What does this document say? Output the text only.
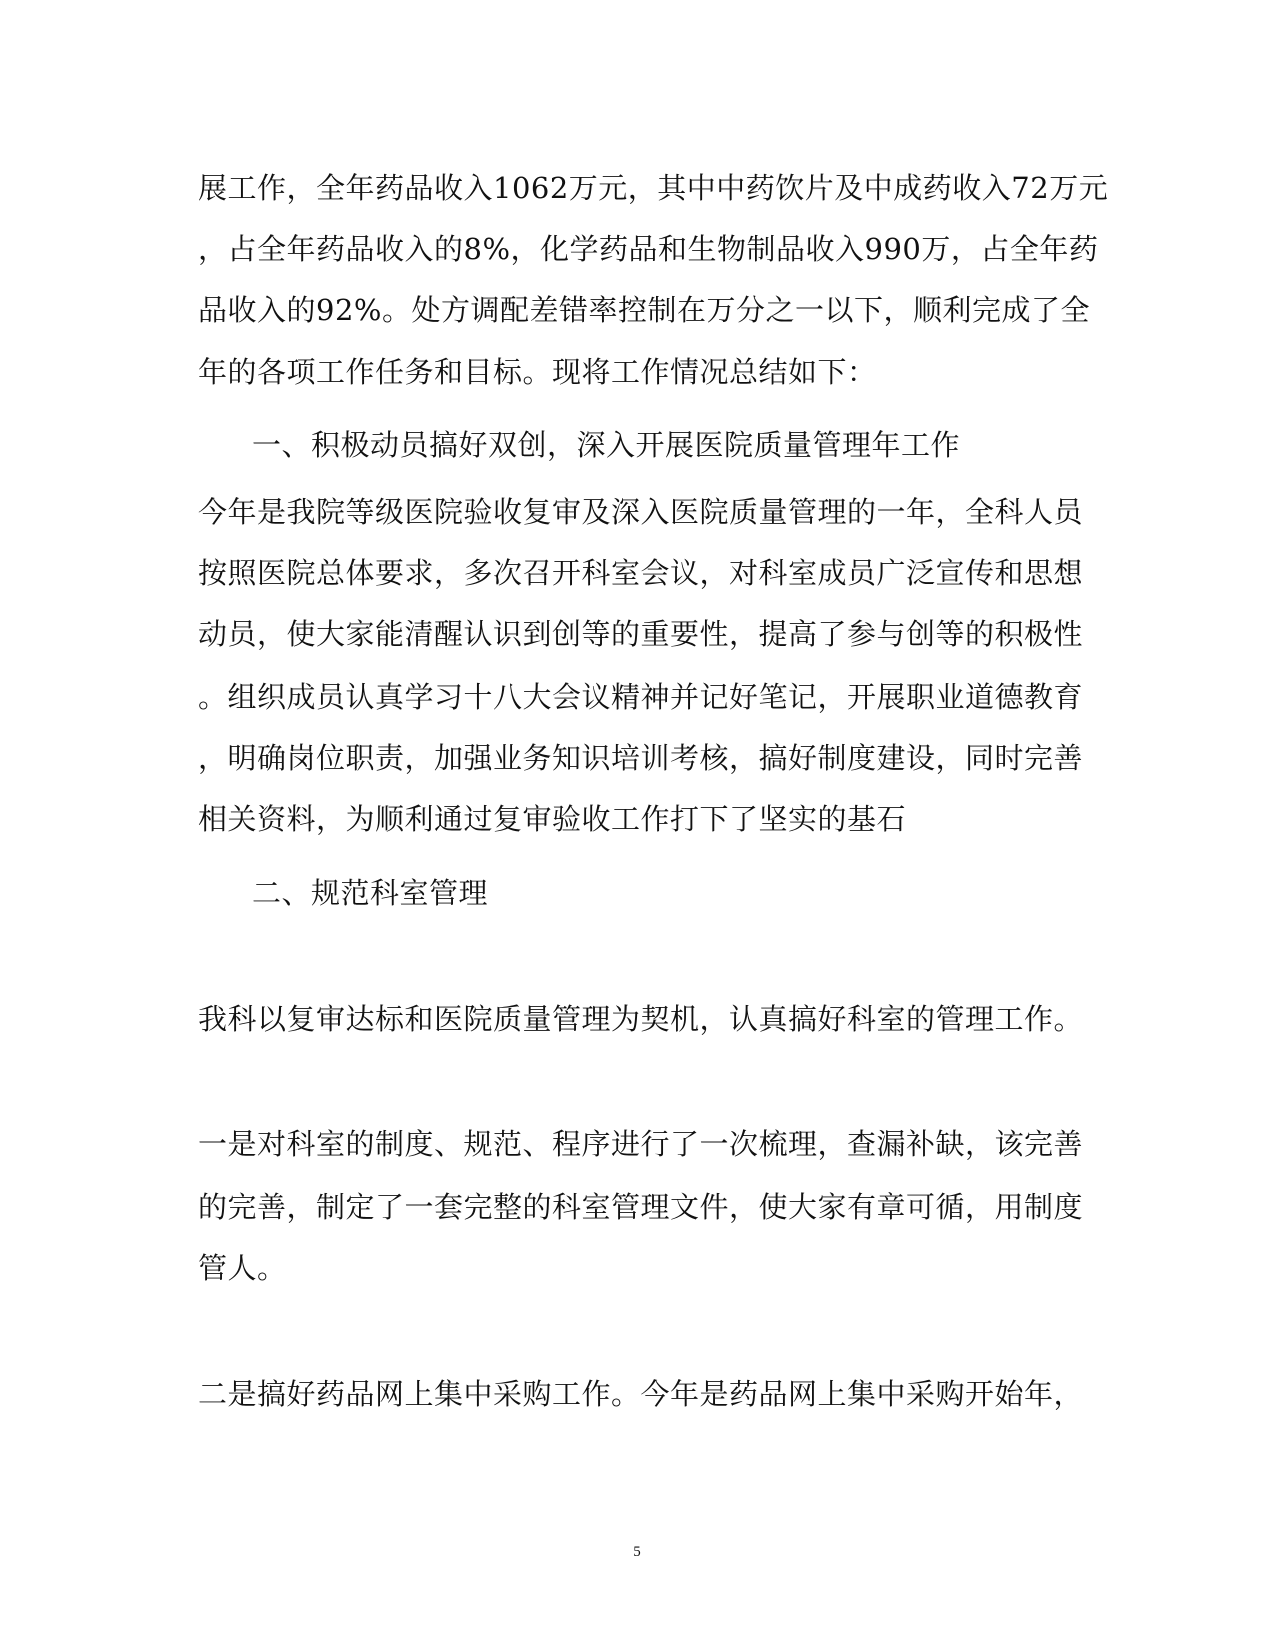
展工作，全年药品收入1062万元，其中中药饮片及中成药收入72万元
，占全年药品收入的8%，化学药品和生物制品收入990万，占全年药
品收入的92%。处方调配差错率控制在万分之一以下，顺利完成了全
年的各项工作任务和目标。现将工作情况总结如下：
一、积极动员搞好双创，深入开展医院质量管理年工作
今年是我院等级医院验收复审及深入医院质量管理的一年，全科人员
按照医院总体要求，多次召开科室会议，对科室成员广泛宣传和思想
动员，使大家能清醒认识到创等的重要性，提高了参与创等的积极性
。组织成员认真学习十八大会议精神并记好笔记，开展职业道德教育
，明确岗位职责，加强业务知识培训考核，搞好制度建设，同时完善
相关资料，为顺利通过复审验收工作打下了坚实的基石
二、规范科室管理
我科以复审达标和医院质量管理为契机，认真搞好科室的管理工作。
一是对科室的制度、规范、程序进行了一次梳理，查漏补缺，该完善
的完善，制定了一套完整的科室管理文件，使大家有章可循，用制度
管人。
二是搞好药品网上集中采购工作。今年是药品网上集中采购开始年，
5
